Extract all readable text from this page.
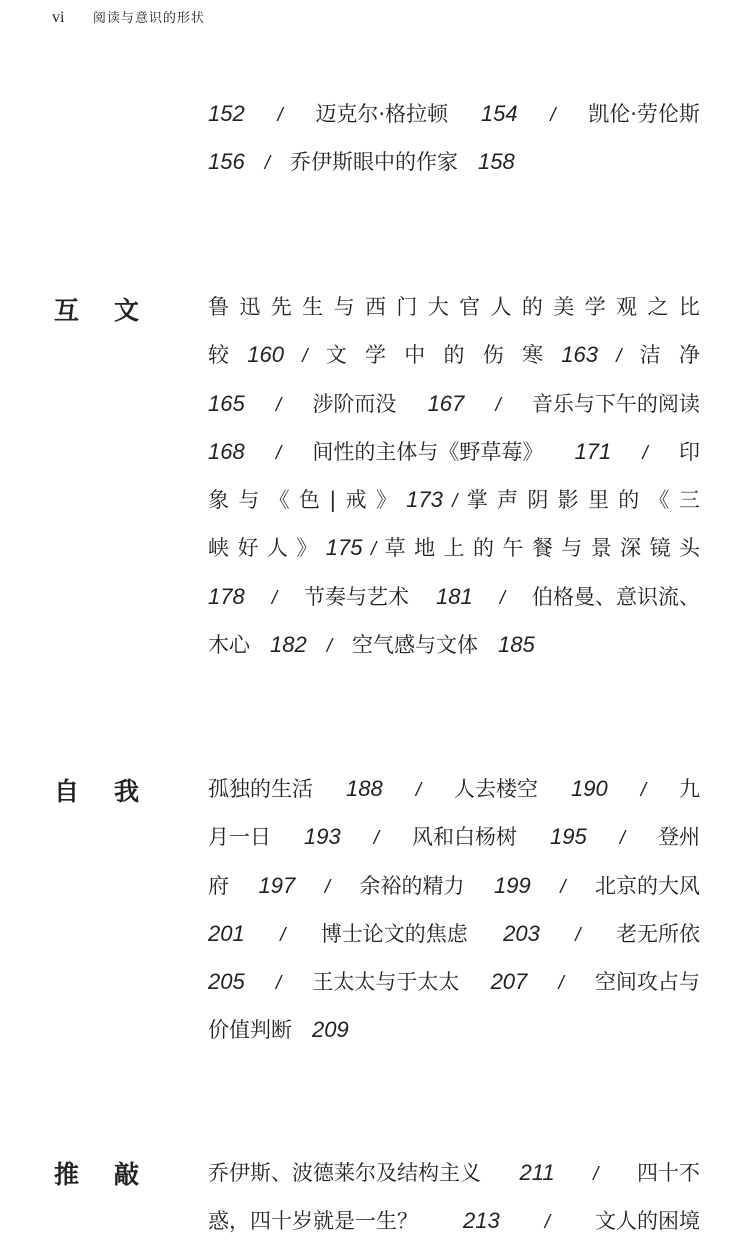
vi 阅读与意识的形状
152 / 迈克尔·格拉顿 154 / 凯伦·劳伦斯
156 / 乔伊斯眼中的作家 158
互文 鲁 迅 先 生 与 西 门 大 官 人 的 美 学 观 之 比
较 160 / 文 学 中 的 伤 寒 163 / 洁 净
165 / 涉阶而没 167 / 音乐与下午的阅读
168 / 间性的主体与《野草莓》 171 / 印
象 与 《 色 | 戒 》 173 / 掌 声 阴 影 里 的 《 三
峡 好 人 》 175 / 草 地 上 的 午 餐 与 景 深 镜 头
178 / 节奏与艺术 181 / 伯格曼、意识流、
木心 182 / 空气感与文体 185
自我 孤独的生活 188 / 人去楼空 190 / 九
月一日 193 / 风和白杨树 195 / 登州
府 197 / 余裕的精力 199 / 北京的大风
201 / 博士论文的焦虑 203 / 老无所依
205 / 王太太与于太太 207 / 空间攻占与
价值判断 209
推敲 乔伊斯、波德莱尔及结构主义 211 / 四十不
惑，四十岁就是一生？ 213 / 文人的困境
